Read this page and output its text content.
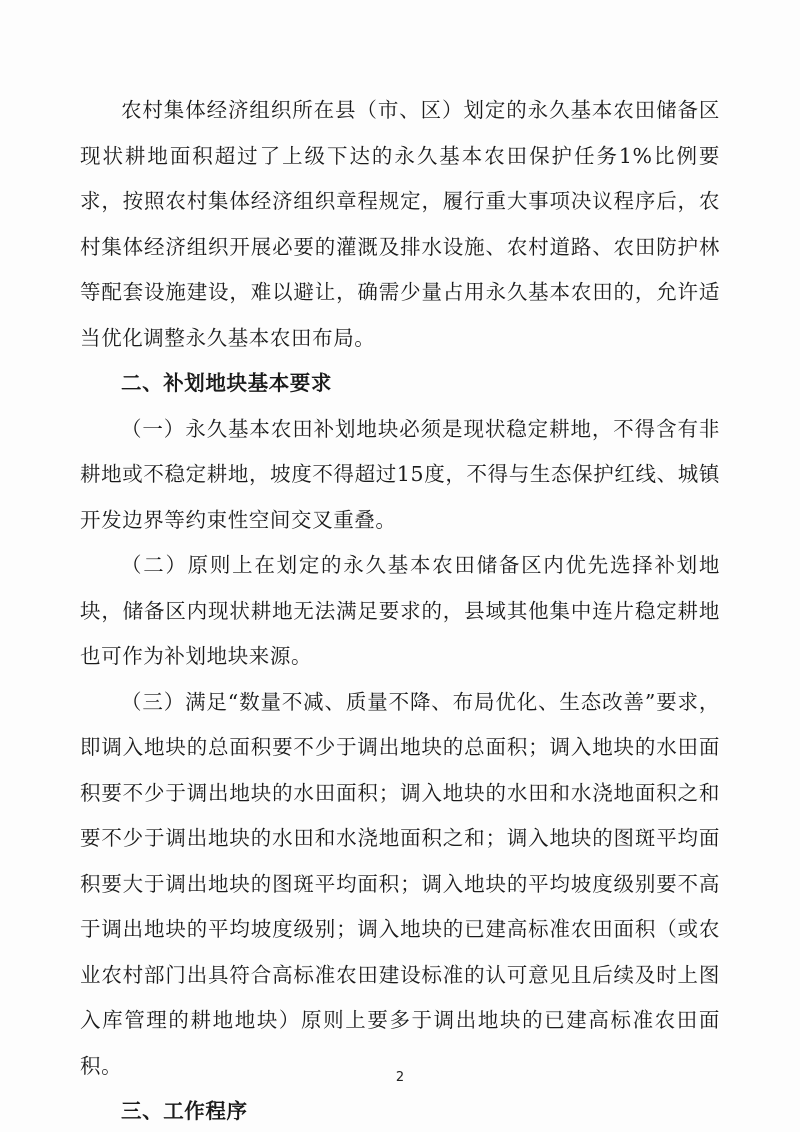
农村集体经济组织所在县（市、区）划定的永久基本农田储备区现状耕地面积超过了上级下达的永久基本农田保护任务1%比例要求，按照农村集体经济组织章程规定，履行重大事项决议程序后，农村集体经济组织开展必要的灌溉及排水设施、农村道路、农田防护林等配套设施建设，难以避让，确需少量占用永久基本农田的，允许适当优化调整永久基本农田布局。

二、补划地块基本要求

（一）永久基本农田补划地块必须是现状稳定耕地，不得含有非耕地或不稳定耕地，坡度不得超过15度，不得与生态保护红线、城镇开发边界等约束性空间交叉重叠。

（二）原则上在划定的永久基本农田储备区内优先选择补划地块，储备区内现状耕地无法满足要求的，县域其他集中连片稳定耕地也可作为补划地块来源。

（三）满足“数量不减、质量不降、布局优化、生态改善”要求，即调入地块的总面积要不少于调出地块的总面积；调入地块的水田面积要不少于调出地块的水田面积；调入地块的水田和水浇地面积之和要不少于调出地块的水田和水浇地面积之和；调入地块的图斑平均面积要大于调出地块的图斑平均面积；调入地块的平均坡度级别要不高于调出地块的平均坡度级别；调入地块的已建高标准农田面积（或农业农村部门出具符合高标准农田建设标准的认可意见且后续及时上图入库管理的耕地地块）原则上要多于调出地块的已建高标准农田面积。

三、工作程序

2
